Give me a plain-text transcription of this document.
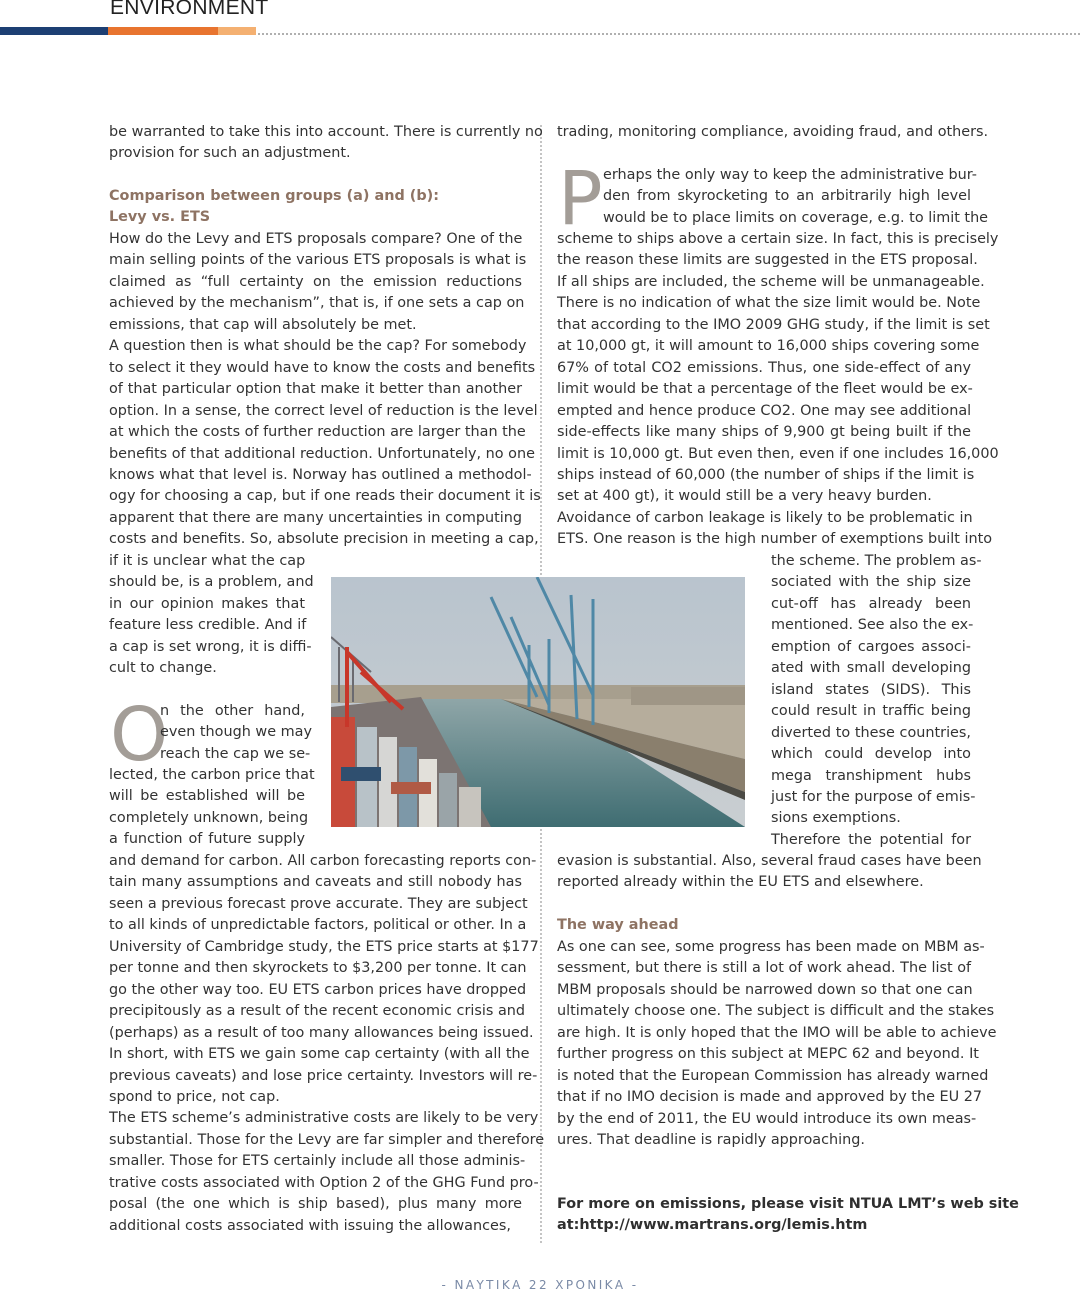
ENVIRONMENT
be warranted to take this into account. There is currently no
provision for such an adjustment.
Comparison between groups (a) and (b):
Levy vs. ETS
How do the Levy and ETS proposals compare? One of the
main selling points of the various ETS proposals is what is
claimed as “full certainty on the emission reductions
achieved by the mechanism”, that is, if one sets a cap on
emissions, that cap will absolutely be met.
A question then is what should be the cap? For somebody
to select it they would have to know the costs and benefits
of that particular option that make it better than another
option. In a sense, the correct level of reduction is the level
at which the costs of further reduction are larger than the
benefits of that additional reduction. Unfortunately, no one
knows what that level is. Norway has outlined a methodol-
ogy for choosing a cap, but if one reads their document it is
apparent that there are many uncertainties in computing
costs and benefits. So, absolute precision in meeting a cap,
if it is unclear what the cap
should be, is a problem, and
in our opinion makes that
feature less credible. And if
a cap is set wrong, it is diffi-
cult to change.
O
n the other hand,
even though we may
reach the cap we se-
lected, the carbon price that
will be established will be
completely unknown, being
a function of future supply
and demand for carbon. All carbon forecasting reports con-
tain many assumptions and caveats and still nobody has
seen a previous forecast prove accurate. They are subject
to all kinds of unpredictable factors, political or other. In a
University of Cambridge study, the ETS price starts at $177
per tonne and then skyrockets to $3,200 per tonne. It can
go the other way too. EU ETS carbon prices have dropped
precipitously as a result of the recent economic crisis and
(perhaps) as a result of too many allowances being issued.
In short, with ETS we gain some cap certainty (with all the
previous caveats) and lose price certainty. Investors will re-
spond to price, not cap.
The ETS scheme’s administrative costs are likely to be very
substantial. Those for the Levy are far simpler and therefore
smaller. Those for ETS certainly include all those adminis-
trative costs associated with Option 2 of the GHG Fund pro-
posal (the one which is ship based), plus many more
additional costs associated with issuing the allowances,
trading, monitoring compliance, avoiding fraud, and others.
P erhaps the only way to keep the administrative bur-
den from skyrocketing to an arbitrarily high level
would be to place limits on coverage, e.g. to limit the
scheme to ships above a certain size. In fact, this is precisely
the reason these limits are suggested in the ETS proposal.
If all ships are included, the scheme will be unmanageable.
There is no indication of what the size limit would be. Note
that according to the IMO 2009 GHG study, if the limit is set
at 10,000 gt, it will amount to 16,000 ships covering some
67% of total CO2 emissions. Thus, one side-effect of any
limit would be that a percentage of the fleet would be ex-
empted and hence produce CO2. One may see additional
side-effects like many ships of 9,900 gt being built if the
limit is 10,000 gt. But even then, even if one includes 16,000
ships instead of 60,000 (the number of ships if the limit is
set at 400 gt), it would still be a very heavy burden.
Avoidance of carbon leakage is likely to be problematic in
ETS. One reason is the high number of exemptions built into
the scheme. The problem as-
sociated with the ship size
cut-off has already been
mentioned. See also the ex-
emption of cargoes associ-
ated with small developing
island states (SIDS). This
could result in traffic being
diverted to these countries,
which could develop into
mega transhipment hubs
just for the purpose of emis-
sions exemptions.
Therefore the potential for
evasion is substantial. Also, several fraud cases have been
reported already within the EU ETS and elsewhere.
The way ahead
As one can see, some progress has been made on MBM as-
sessment, but there is still a lot of work ahead. The list of
MBM proposals should be narrowed down so that one can
ultimately choose one. The subject is difficult and the stakes
are high. It is only hoped that the IMO will be able to achieve
further progress on this subject at MEPC 62 and beyond. It
is noted that the European Commission has already warned
that if no IMO decision is made and approved by the EU 27
by the end of 2011, the EU would introduce its own meas-
ures. That deadline is rapidly approaching.
For more on emissions, please visit NTUA LMT’s web site
at:http://www.martrans.org/lemis.htm
- ΝΑΥΤΙΚΑ 22 ΧΡΟΝΙΚΑ -
